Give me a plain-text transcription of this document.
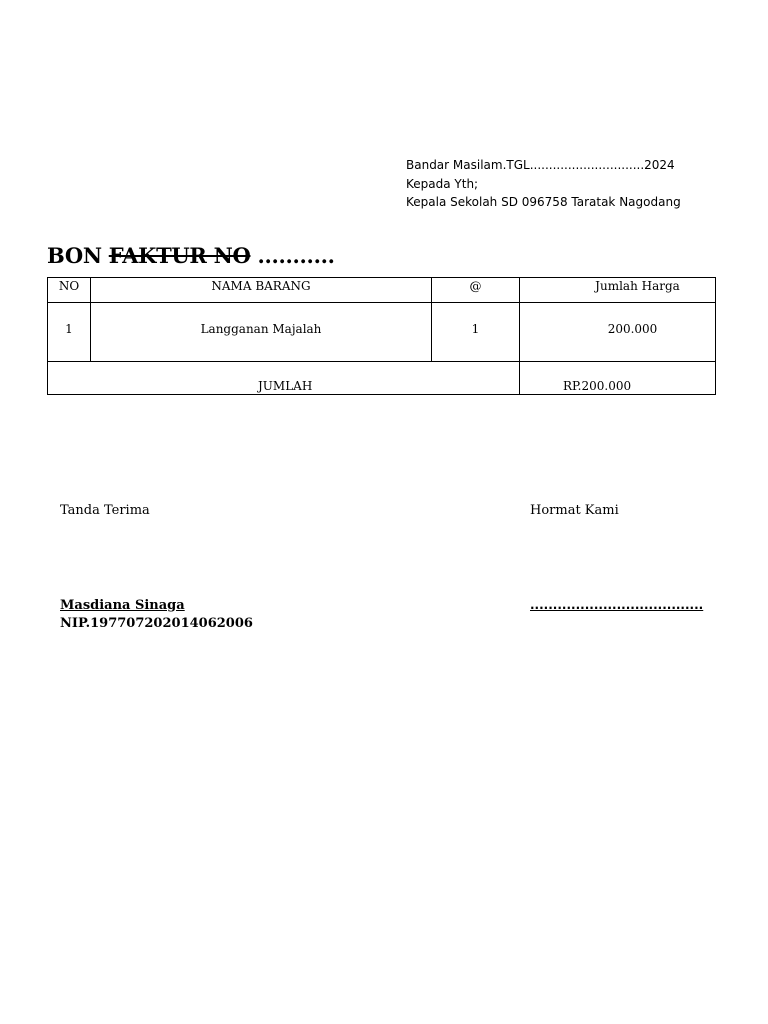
Bandar Masilam.TGL..............................2024
Kepada Yth;
Kepala Sekolah SD 096758 Taratak Nagodang
BON FAKTUR NO ...........
NO	NAMA BARANG	@	Jumlah Harga
1	Langganan Majalah	1	200.000
JUMLAH			RP.200.000
Tanda Terima	Hormat Kami
Masdiana Sinaga
NIP.197707202014062006
......................................
